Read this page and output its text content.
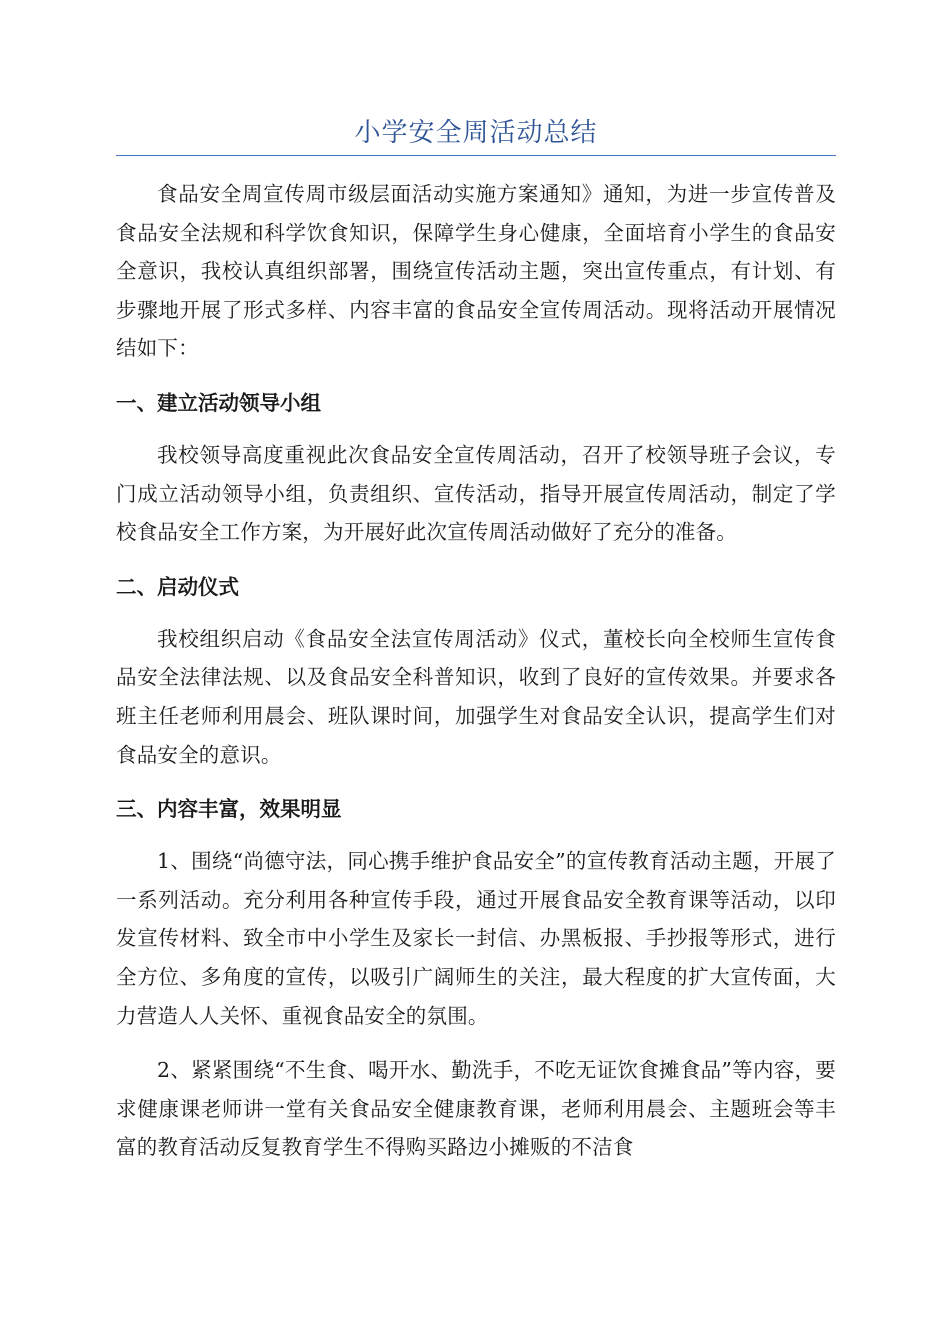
小学安全周活动总结

食品安全周宣传周市级层面活动实施方案通知》通知，为进一步宣传普及食品安全法规和科学饮食知识，保障学生身心健康，全面培育小学生的食品安全意识，我校认真组织部署，围绕宣传活动主题，突出宣传重点，有计划、有步骤地开展了形式多样、内容丰富的食品安全宣传周活动。现将活动开展情况结如下：

一、建立活动领导小组

我校领导高度重视此次食品安全宣传周活动，召开了校领导班子会议，专门成立活动领导小组，负责组织、宣传活动，指导开展宣传周活动，制定了学校食品安全工作方案，为开展好此次宣传周活动做好了充分的准备。

二、启动仪式

我校组织启动《食品安全法宣传周活动》仪式，董校长向全校师生宣传食品安全法律法规、以及食品安全科普知识，收到了良好的宣传效果。并要求各班主任老师利用晨会、班队课时间，加强学生对食品安全认识，提高学生们对食品安全的意识。

三、内容丰富，效果明显

1、围绕“尚德守法，同心携手维护食品安全”的宣传教育活动主题，开展了一系列活动。充分利用各种宣传手段，通过开展食品安全教育课等活动，以印发宣传材料、致全市中小学生及家长一封信、办黑板报、手抄报等形式，进行全方位、多角度的宣传，以吸引广阔师生的关注，最大程度的扩大宣传面，大力营造人人关怀、重视食品安全的氛围。

2、紧紧围绕“不生食、喝开水、勤洗手，不吃无证饮食摊食品”等内容，要求健康课老师讲一堂有关食品安全健康教育课，老师利用晨会、主题班会等丰富的教育活动反复教育学生不得购买路边小摊贩的不洁食
